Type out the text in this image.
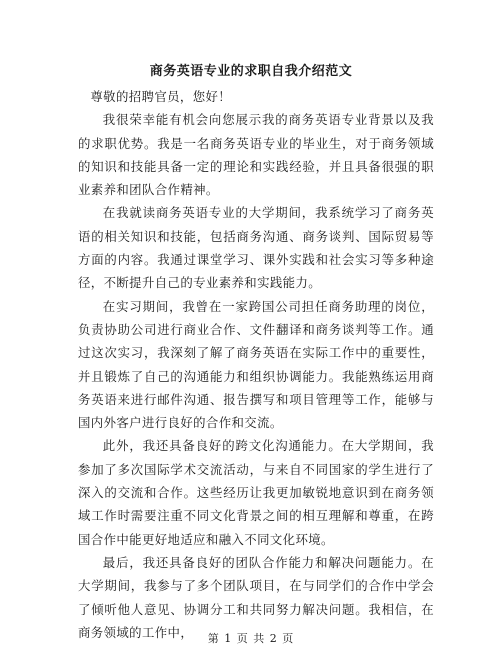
商务英语专业的求职自我介绍范文

尊敬的招聘官员，您好！

我很荣幸能有机会向您展示我的商务英语专业背景以及我的求职优势。我是一名商务英语专业的毕业生，对于商务领域的知识和技能具备一定的理论和实践经验，并且具备很强的职业素养和团队合作精神。

在我就读商务英语专业的大学期间，我系统学习了商务英语的相关知识和技能，包括商务沟通、商务谈判、国际贸易等方面的内容。我通过课堂学习、课外实践和社会实习等多种途径，不断提升自己的专业素养和实践能力。

在实习期间，我曾在一家跨国公司担任商务助理的岗位，负责协助公司进行商业合作、文件翻译和商务谈判等工作。通过这次实习，我深刻了解了商务英语在实际工作中的重要性，并且锻炼了自己的沟通能力和组织协调能力。我能熟练运用商务英语来进行邮件沟通、报告撰写和项目管理等工作，能够与国内外客户进行良好的合作和交流。

此外，我还具备良好的跨文化沟通能力。在大学期间，我参加了多次国际学术交流活动，与来自不同国家的学生进行了深入的交流和合作。这些经历让我更加敏锐地意识到在商务领域工作时需要注重不同文化背景之间的相互理解和尊重，在跨国合作中能更好地适应和融入不同文化环境。

最后，我还具备良好的团队合作能力和解决问题能力。在大学期间，我参与了多个团队项目，在与同学们的合作中学会了倾听他人意见、协调分工和共同努力解决问题。我相信，在商务领域的工作中，	第 1 页 共 2 页
